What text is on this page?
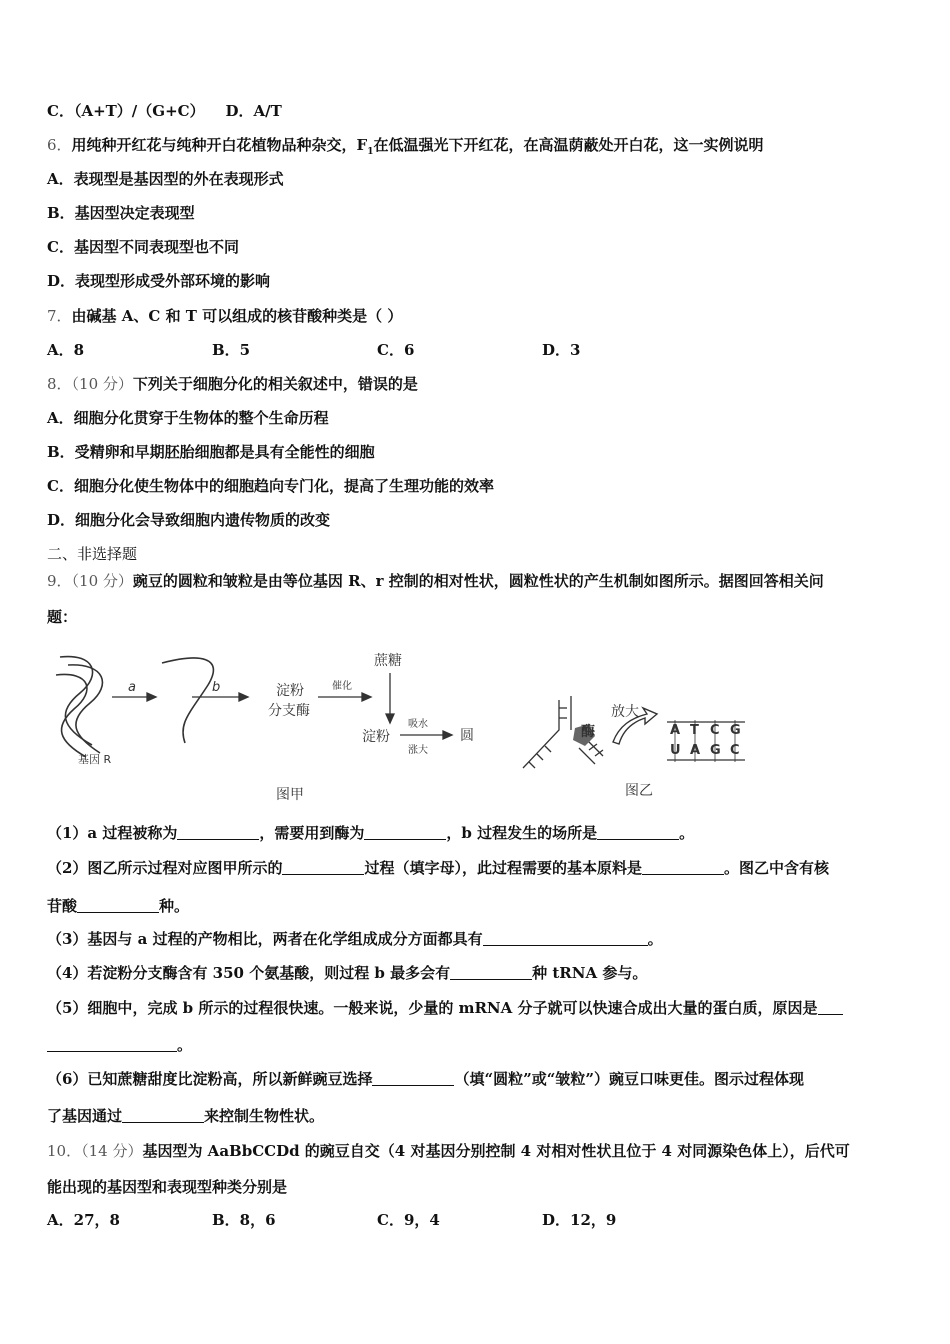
C．（A+T）/（G+C） D．A/T
6．用纯种开红花与纯种开白花植物品种杂交，$F_1$在低温强光下开红花，在高温荫蔽处开白花，这一实例说明
A．表现型是基因型的外在表现形式
B．基因型决定表现型
C．基因型不同表现型也不同
D．表现型形成受外部环境的影响
7．由碱基 A、C 和 T 可以组成的核苷酸种类是（ ）
A．8	B．5	C．6	D．3
8．（10 分）下列关于细胞分化的相关叙述中，错误的是
A．细胞分化贯穿于生物体的整个生命历程
B．受精卵和早期胚胎细胞都是具有全能性的细胞
C．细胞分化使生物体中的细胞趋向专门化，提高了生理功能的效率
D．细胞分化会导致细胞内遗传物质的改变
二、非选择题
9．（10 分）豌豆的圆粒和皱粒是由等位基因 R、r 控制的相对性状，圆粒性状的产生机制如图所示。据图回答相关问
题：
基因 R
a	b	淀粉
分支酶
催化
蔗糖
淀粉
吸水
涨大
圆
图甲
酶
放大
A T C G
U A G C
图乙
（1）a 过程被称为	，需要用到酶为	，b 过程发生的场所是	。
（2）图乙所示过程对应图甲所示的	过程（填字母），此过程需要的基本原料是	。图乙中含有核
苷酸	种。
（3）基因与 a 过程的产物相比，两者在化学组成成分方面都具有	。
（4）若淀粉分支酶含有 350 个氨基酸，则过程 b 最多会有	种 tRNA 参与。
（5）细胞中，完成 b 所示的过程很快速。一般来说，少量的 mRNA 分子就可以快速合成出大量的蛋白质，原因是
。
（6）已知蔗糖甜度比淀粉高，所以新鲜豌豆选择	（填“圆粒”或“皱粒”）豌豆口味更佳。图示过程体现
了基因通过	来控制生物性状。
10．（14 分）基因型为 AaBbCCDd 的豌豆自交（4 对基因分别控制 4 对相对性状且位于 4 对同源染色体上），后代可
能出现的基因型和表现型种类分别是
A．27，8	B．8，6	C．9，4	D．12，9
